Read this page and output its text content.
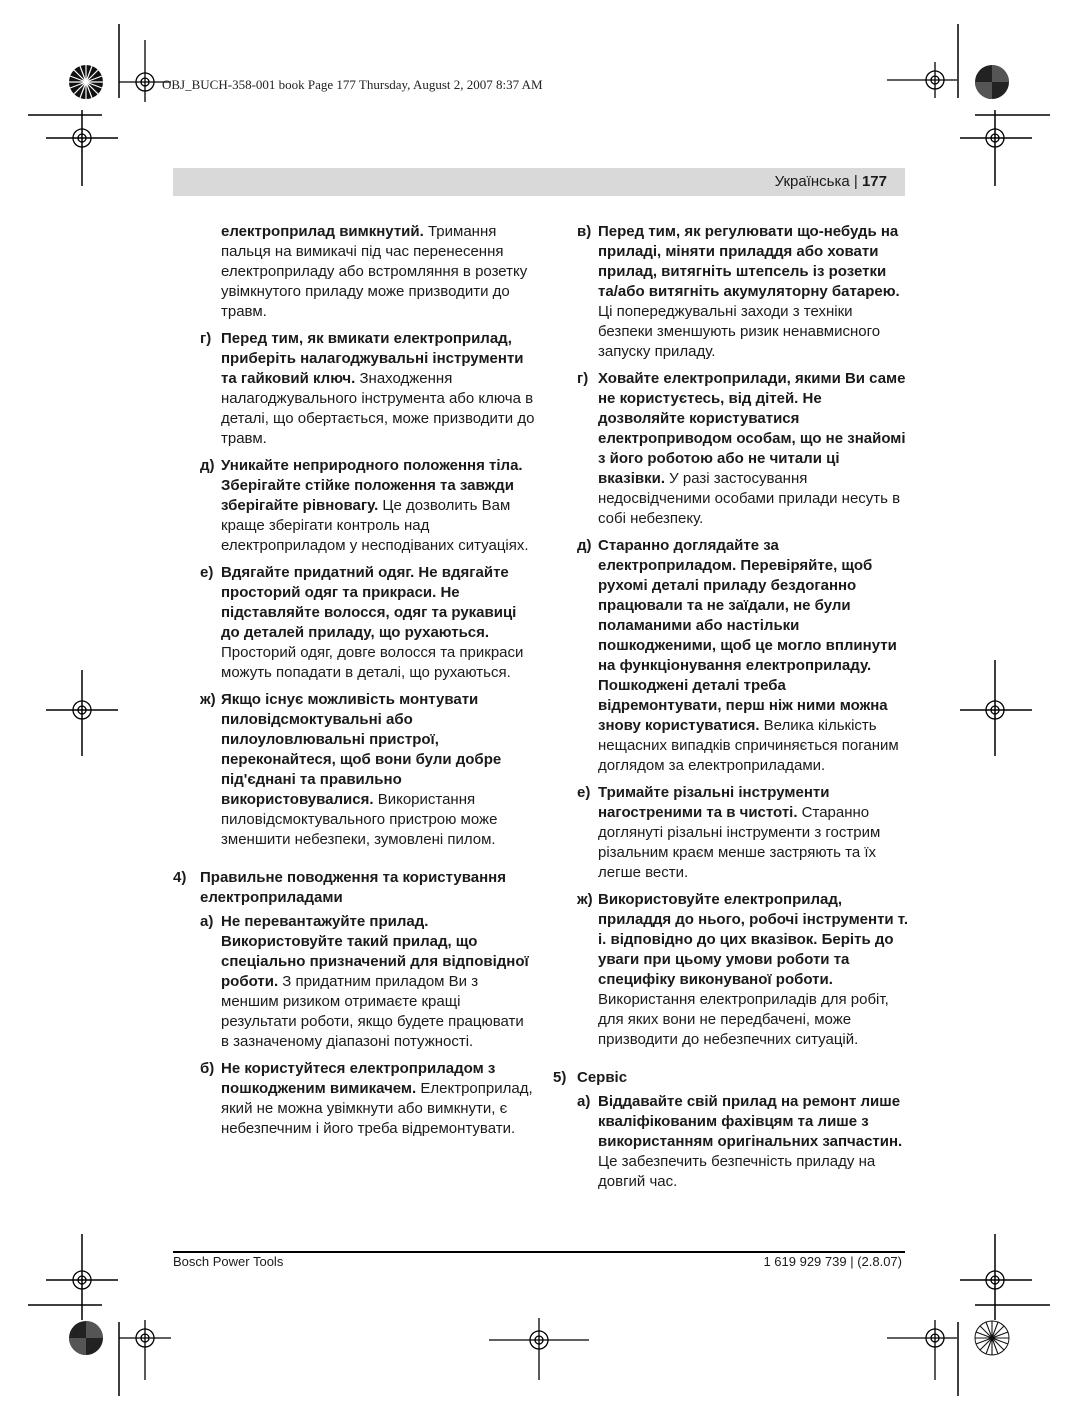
OBJ_BUCH-358-001 book Page 177 Thursday, August 2, 2007 8:37 AM
Українська | 177
електроприлад вимкнутий. Тримання пальця на вимикачі під час перенесення електроприладу або встромляння в розетку увімкнутого приладу може призводити до травм.
г) Перед тим, як вмикати електроприлад, приберіть налагоджувальні інструменти та гайковий ключ. Знаходження налагоджувального інструмента або ключа в деталі, що обертається, може призводити до травм.
д) Уникайте неприродного положення тіла. Зберігайте стійке положення та завжди зберігайте рівновагу. Це дозволить Вам краще зберігати контроль над електроприладом у несподіваних ситуаціях.
е) Вдягайте придатний одяг. Не вдягайте просторий одяг та прикраси. Не підставляйте волосся, одяг та рукавиці до деталей приладу, що рухаються. Просторий одяг, довге волосся та прикраси можуть попадати в деталі, що рухаються.
ж) Якщо існує можливість монтувати пиловідсмоктувальні або пилоуловлювальні пристрої, переконайтеся, щоб вони були добре під'єднані та правильно використовувалися. Використання пиловідсмоктувального пристрою може зменшити небезпеки, зумовлені пилом.
4) Правильне поводження та користування електроприладами
а) Не перевантажуйте прилад. Використовуйте такий прилад, що спеціально призначений для відповідної роботи. З придатним приладом Ви з меншим ризиком отримаєте кращі результати роботи, якщо будете працювати в зазначеному діапазоні потужності.
б) Не користуйтеся електроприладом з пошкодженим вимикачем. Електроприлад, який не можна увімкнути або вимкнути, є небезпечним і його треба відремонтувати.
в) Перед тим, як регулювати що-небудь на приладі, міняти приладдя або ховати прилад, витягніть штепсель із розетки та/або витягніть акумуляторну батарею. Ці попереджувальні заходи з техніки безпеки зменшують ризик ненавмисного запуску приладу.
г) Ховайте електроприлади, якими Ви саме не користуєтесь, від дітей. Не дозволяйте користуватися електроприводом особам, що не знайомі з його роботою або не читали ці вказівки. У разі застосування недосвідченими особами прилади несуть в собі небезпеку.
д) Старанно доглядайте за електроприладом. Перевіряйте, щоб рухомі деталі приладу бездоганно працювали та не заїдали, не були поламаними або настільки пошкодженими, щоб це могло вплинути на функціонування електроприладу. Пошкоджені деталі треба відремонтувати, перш ніж ними можна знову користуватися. Велика кількість нещасних випадків спричиняється поганим доглядом за електроприладами.
е) Тримайте різальні інструменти нагостреними та в чистоті. Старанно доглянуті різальні інструменти з гострим різальним краєм менше застряють та їх легше вести.
ж) Використовуйте електроприлад, приладдя до нього, робочі інструменти т. і. відповідно до цих вказівок. Беріть до уваги при цьому умови роботи та специфіку виконуваної роботи. Використання електроприладів для робіт, для яких вони не передбачені, може призводити до небезпечних ситуацій.
5) Сервіс
а) Віддавайте свій прилад на ремонт лише кваліфікованим фахівцям та лише з використанням оригінальних запчастин. Це забезпечить безпечність приладу на довгий час.
Bosch Power Tools	1 619 929 739 | (2.8.07)
